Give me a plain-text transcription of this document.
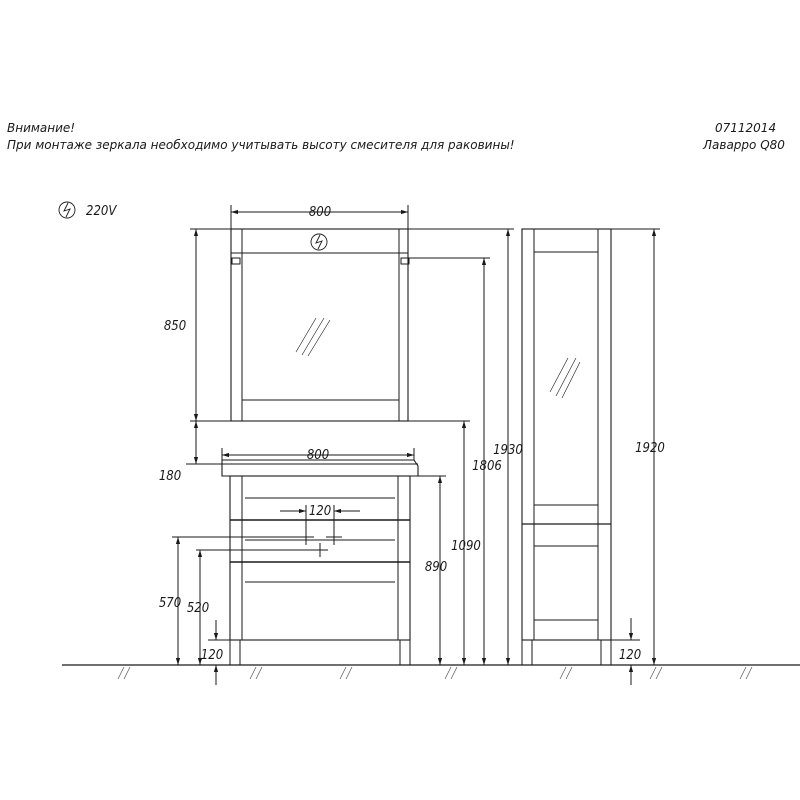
Внимание!
При монтаже зеркала необходимо учитывать высоту смесителя для раковины!
07112014
Лаварро Q80
220V	800
850
180
800
120
570 520
120
890
1090
1806
1930	1920
120
